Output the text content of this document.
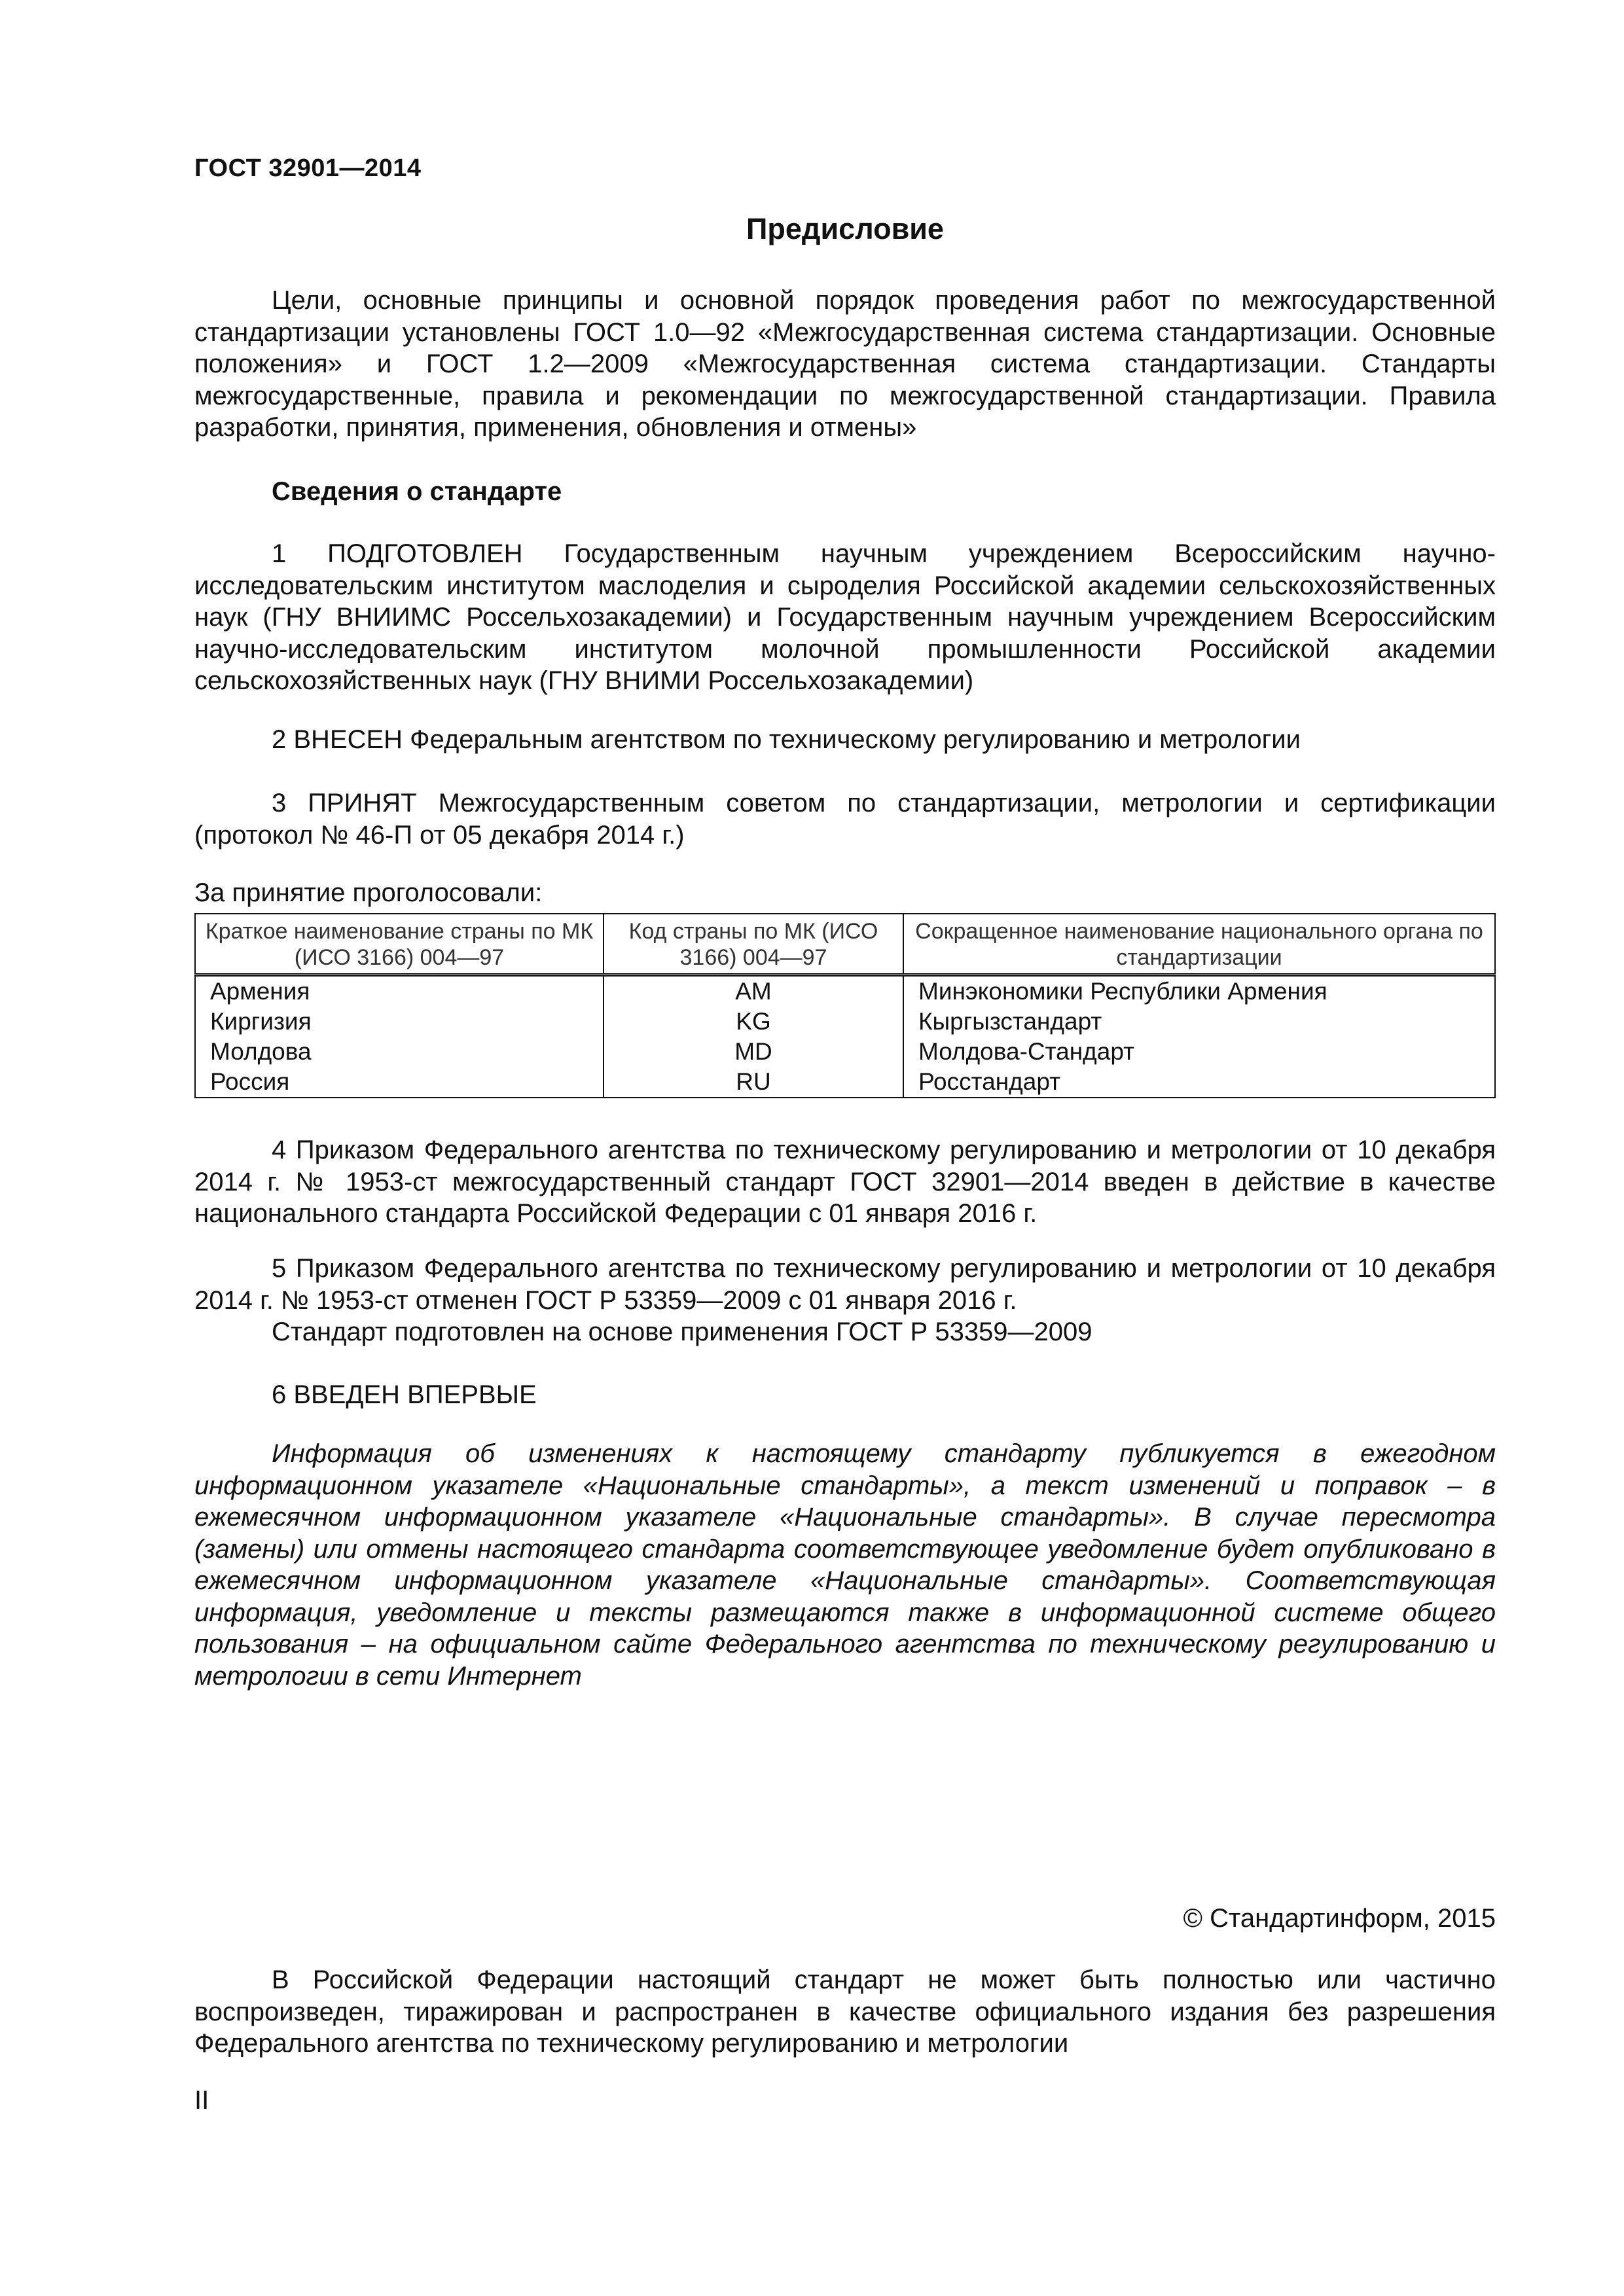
ГОСТ 32901—2014
Предисловие

Цели, основные принципы и основной порядок проведения работ по межгосударственной стандартизации установлены ГОСТ 1.0—92 «Межгосударственная система стандартизации. Основные положения» и ГОСТ 1.2—2009 «Межгосударственная система стандартизации. Стандарты межгосударственные, правила и рекомендации по межгосударственной стандартизации. Правила разработки, принятия, применения, обновления и отмены»

Сведения о стандарте

1 ПОДГОТОВЛЕН Государственным научным учреждением Всероссийским научно-исследовательским институтом маслоделия и сыроделия Российской академии сельскохозяйственных наук (ГНУ ВНИИМС Россельхозакадемии) и Государственным научным учреждением Всероссийским научно-исследовательским институтом молочной промышленности Российской академии сельскохозяйственных наук (ГНУ ВНИМИ Россельхозакадемии)

2 ВНЕСЕН Федеральным агентством по техническому регулированию и метрологии

3 ПРИНЯТ Межгосударственным советом по стандартизации, метрологии и сертификации (протокол № 46-П от 05 декабря 2014 г.)

За принятие проголосовали:
Краткое наименование страны по МК (ИСО 3166) 004—97	Код страны по МК (ИСО 3166) 004—97	Сокращенное наименование национального органа по стандартизации
Армения	AM	Минэкономики Республики Армения
Киргизия	KG	Кыргызстандарт
Молдова	MD	Молдова-Стандарт
Россия	RU	Росстандарт

4 Приказом Федерального агентства по техническому регулированию и метрологии от 10 декабря 2014 г. № 1953-ст межгосударственный стандарт ГОСТ 32901—2014 введен в действие в качестве национального стандарта Российской Федерации с 01 января 2016 г.

5 Приказом Федерального агентства по техническому регулированию и метрологии от 10 декабря 2014 г. № 1953-ст отменен ГОСТ Р 53359—2009 с 01 января 2016 г.

Стандарт подготовлен на основе применения ГОСТ Р 53359—2009

6 ВВЕДЕН ВПЕРВЫЕ

Информация об изменениях к настоящему стандарту публикуется в ежегодном информационном указателе «Национальные стандарты», а текст изменений и поправок – в ежемесячном информационном указателе «Национальные стандарты». В случае пересмотра (замены) или отмены настоящего стандарта соответствующее уведомление будет опубликовано в ежемесячном информационном указателе «Национальные стандарты». Соответствующая информация, уведомление и тексты размещаются также в информационной системе общего пользования – на официальном сайте Федерального агентства по техническому регулированию и метрологии в сети Интернет

© Стандартинформ, 2015

В Российской Федерации настоящий стандарт не может быть полностью или частично воспроизведен, тиражирован и распространен в качестве официального издания без разрешения Федерального агентства по техническому регулированию и метрологии

II
